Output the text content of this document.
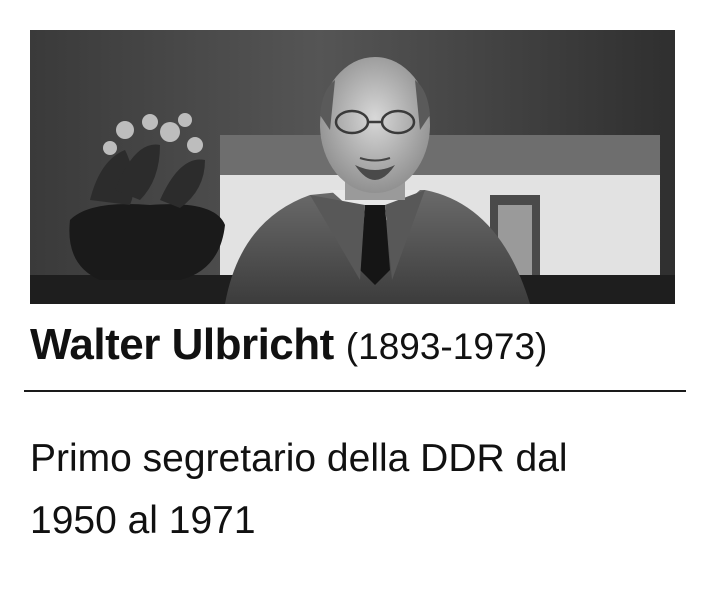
Walter Ulbricht (1893-1973)
Primo segretario della DDR dal
1950 al 1971
